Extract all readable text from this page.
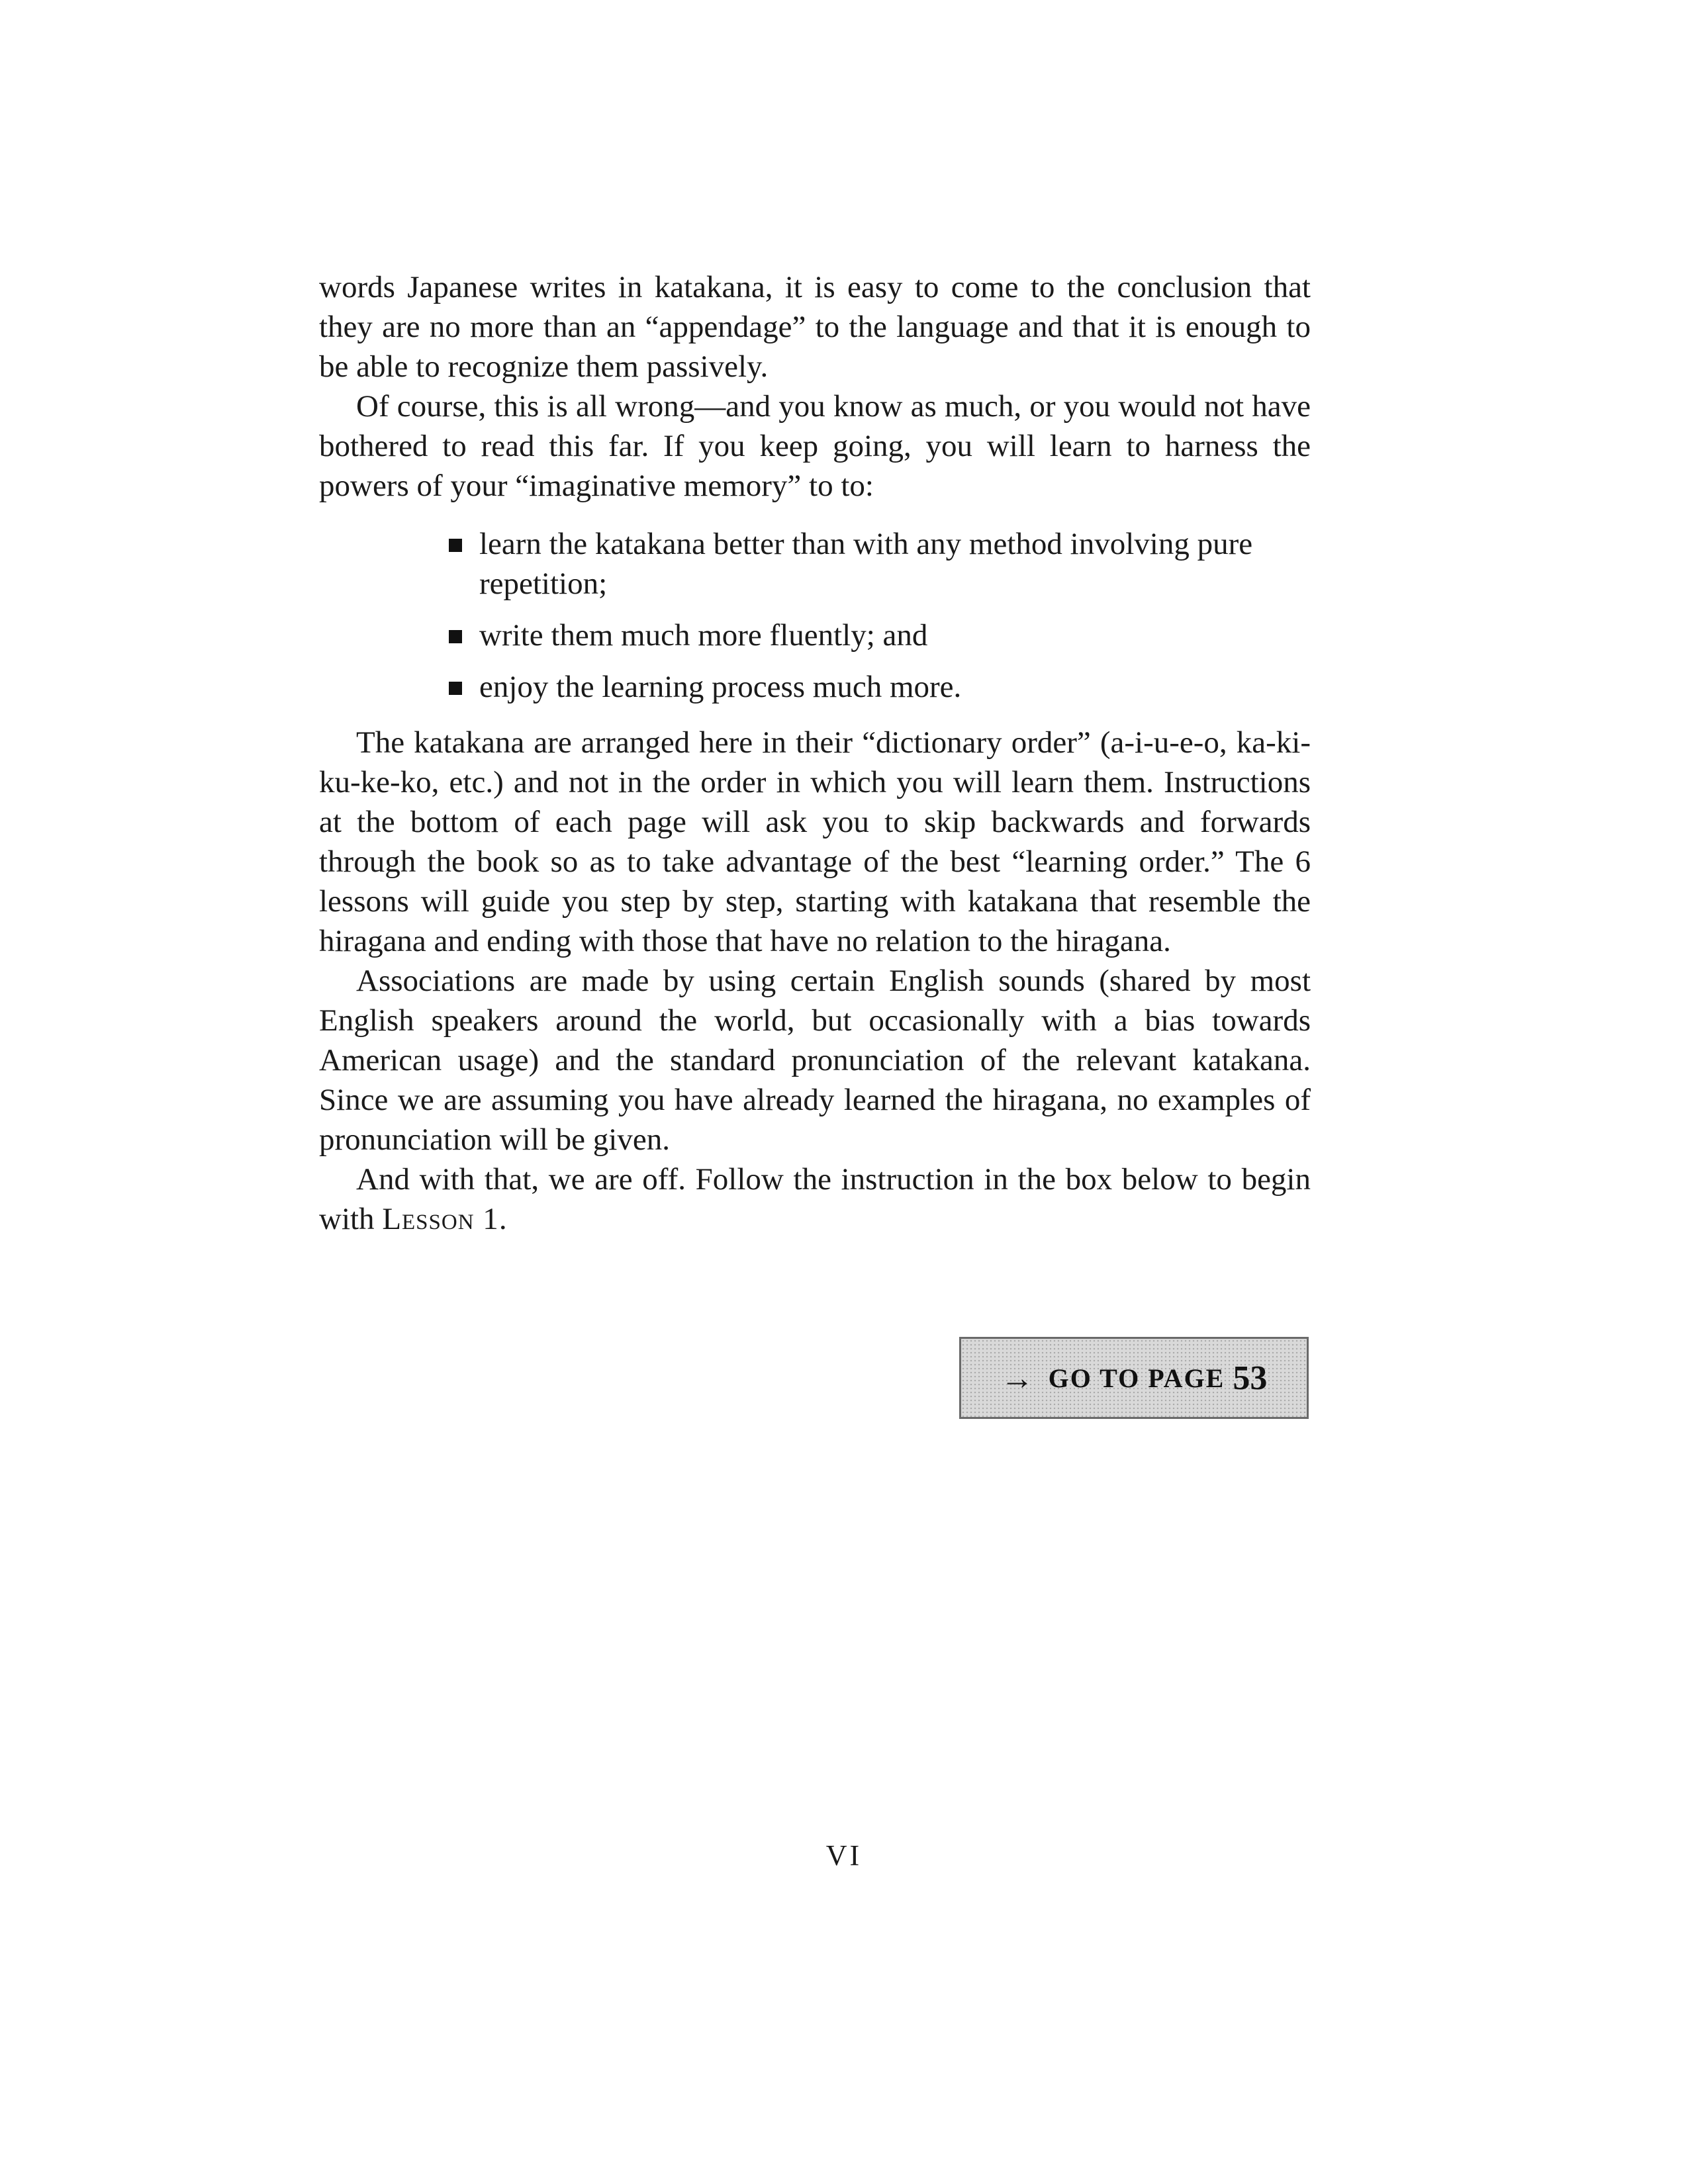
words Japanese writes in katakana, it is easy to come to the conclusion that they are no more than an “appendage” to the language and that it is enough to be able to recognize them passively.

Of course, this is all wrong—and you know as much, or you would not have bothered to read this far. If you keep going, you will learn to harness the powers of your “imaginative memory” to to:

learn the katakana better than with any method involving pure repetition;
write them much more fluently; and
enjoy the learning process much more.

The katakana are arranged here in their “dictionary order” (a-i-u-e-o, ka-ki-ku-ke-ko, etc.) and not in the order in which you will learn them. Instructions at the bottom of each page will ask you to skip backwards and forwards through the book so as to take advantage of the best “learning order.” The 6 lessons will guide you step by step, starting with katakana that resemble the hiragana and ending with those that have no relation to the hiragana.

Associations are made by using certain English sounds (shared by most English speakers around the world, but occasionally with a bias towards American usage) and the standard pronunciation of the relevant katakana. Since we are assuming you have already learned the hiragana, no examples of pronunciation will be given.

And with that, we are off. Follow the instruction in the box below to begin with Lesson 1.

→ GO TO PAGE 53
VI
